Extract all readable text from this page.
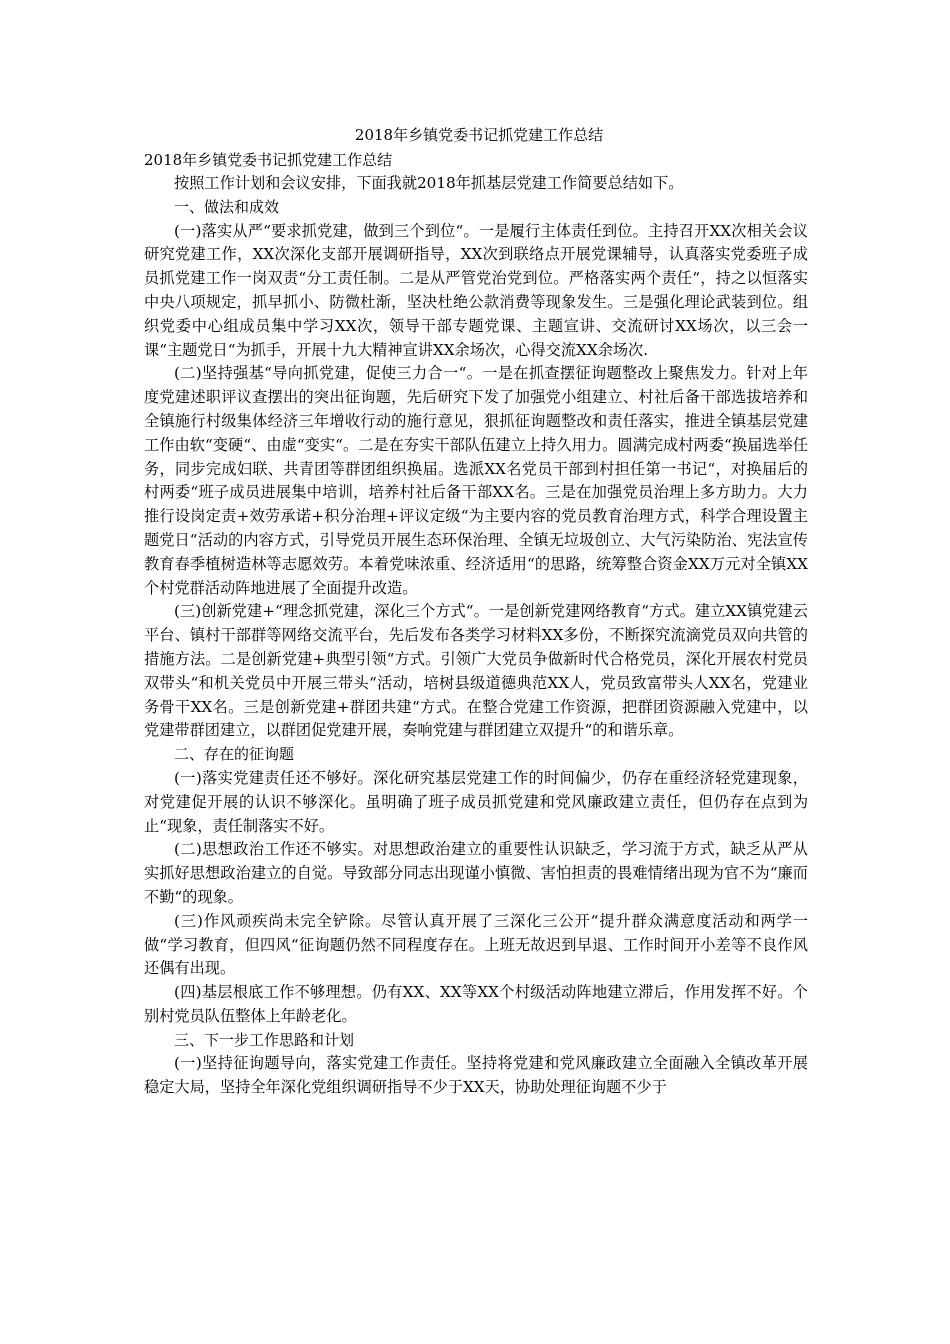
2018年乡镇党委书记抓党建工作总结

2018年乡镇党委书记抓党建工作总结

按照工作计划和会议安排，下面我就2018年抓基层党建工作简要总结如下。

一、做法和成效

(一)落实从严“要求抓党建，做到三个到位“。一是履行主体责任到位。主持召开XX次相关会议研究党建工作，XX次深化支部开展调研指导，XX次到联络点开展党课辅导，认真落实党委班子成员抓党建工作一岗双责“分工责任制。二是从严管党治党到位。严格落实两个责任“，持之以恒落实中央八项规定，抓早抓小、防微杜渐，坚决杜绝公款消费等现象发生。三是强化理论武装到位。组织党委中心组成员集中学习XX次，领导干部专题党课、主题宣讲、交流研讨XX场次，以三会一课“主题党日“为抓手，开展十九大精神宣讲XX余场次，心得交流XX余场次.

(二)坚持强基“导向抓党建，促使三力合一“。一是在抓查摆征询题整改上聚焦发力。针对上年度党建述职评议查摆出的突出征询题，先后研究下发了加强党小组建立、村社后备干部选拔培养和全镇施行村级集体经济三年增收行动的施行意见，狠抓征询题整改和责任落实，推进全镇基层党建工作由软“变硬“、由虚“变实“。二是在夯实干部队伍建立上持久用力。圆满完成村两委“换届选举任务，同步完成妇联、共青团等群团组织换届。选派XX名党员干部到村担任第一书记“，对换届后的村两委“班子成员进展集中培训，培养村社后备干部XX名。三是在加强党员治理上多方助力。大力推行设岗定责+效劳承诺+积分治理+评议定级“为主要内容的党员教育治理方式，科学合理设置主题党日“活动的内容方式，引导党员开展生态环保治理、全镇无垃圾创立、大气污染防治、宪法宣传教育春季植树造林等志愿效劳。本着党味浓重、经济适用“的思路，统筹整合资金XX万元对全镇XX个村党群活动阵地进展了全面提升改造。

(三)创新党建+“理念抓党建，深化三个方式“。一是创新党建网络教育“方式。建立XX镇党建云平台、镇村干部群等网络交流平台，先后发布各类学习材料XX多份，不断探究流滴党员双向共管的措施方法。二是创新党建+典型引领“方式。引领广大党员争做新时代合格党员，深化开展农村党员双带头“和机关党员中开展三带头“活动，培树县级道德典范XX人，党员致富带头人XX名，党建业务骨干XX名。三是创新党建+群团共建“方式。在整合党建工作资源，把群团资源融入党建中，以党建带群团建立，以群团促党建开展，奏响党建与群团建立双提升“的和谐乐章。

二、存在的征询题

(一)落实党建责任还不够好。深化研究基层党建工作的时间偏少，仍存在重经济轻党建现象，对党建促开展的认识不够深化。虽明确了班子成员抓党建和党风廉政建立责任，但仍存在点到为止“现象，责任制落实不好。

(二)思想政治工作还不够实。对思想政治建立的重要性认识缺乏，学习流于方式，缺乏从严从实抓好思想政治建立的自觉。导致部分同志出现谨小慎微、害怕担责的畏难情绪出现为官不为“廉而不勤“的现象。

(三)作风顽疾尚未完全铲除。尽管认真开展了三深化三公开“提升群众满意度活动和两学一做“学习教育，但四风“征询题仍然不同程度存在。上班无故迟到早退、工作时间开小差等不良作风还偶有出现。

(四)基层根底工作不够理想。仍有XX、XX等XX个村级活动阵地建立滞后，作用发挥不好。个别村党员队伍整体上年龄老化。

三、下一步工作思路和计划

(一)坚持征询题导向，落实党建工作责任。坚持将党建和党风廉政建立全面融入全镇改革开展稳定大局，坚持全年深化党组织调研指导不少于XX天，协助处理征询题不少于
